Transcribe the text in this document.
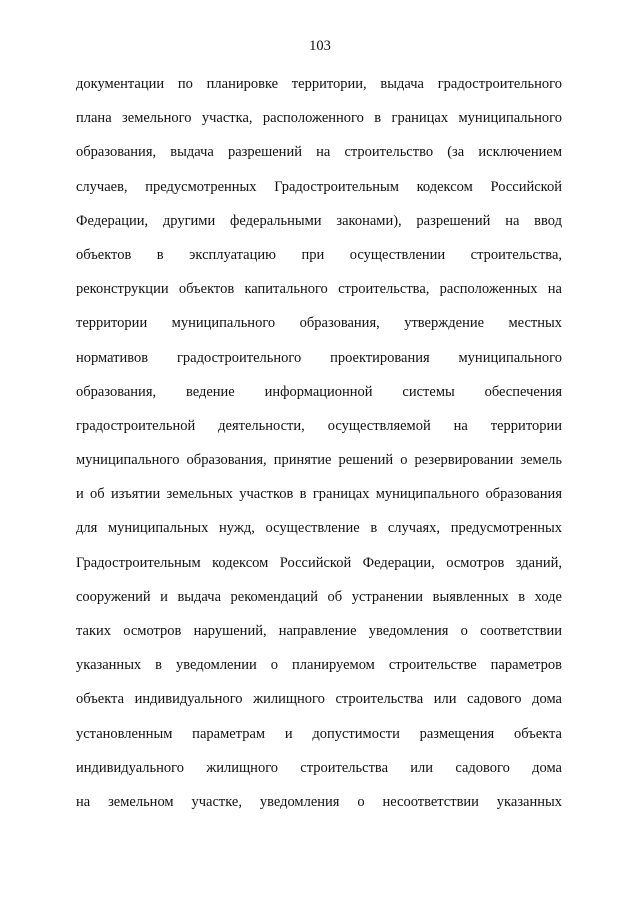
103
документации по планировке территории, выдача градостроительного
плана земельного участка, расположенного в границах муниципального
образования, выдача разрешений на строительство (за исключением
случаев, предусмотренных Градостроительным кодексом Российской
Федерации, другими федеральными законами), разрешений на ввод
объектов в эксплуатацию при осуществлении строительства,
реконструкции объектов капитального строительства, расположенных на
территории муниципального образования, утверждение местных
нормативов градостроительного проектирования муниципального
образования, ведение информационной системы обеспечения
градостроительной деятельности, осуществляемой на территории
муниципального образования, принятие решений о резервировании земель
и об изъятии земельных участков в границах муниципального образования
для муниципальных нужд, осуществление в случаях, предусмотренных
Градостроительным кодексом Российской Федерации, осмотров зданий,
сооружений и выдача рекомендаций об устранении выявленных в ходе
таких осмотров нарушений, направление уведомления о соответствии
указанных в уведомлении о планируемом строительстве параметров
объекта индивидуального жилищного строительства или садового дома
установленным параметрам и допустимости размещения объекта
индивидуального жилищного строительства или садового дома
на земельном участке, уведомления о несоответствии указанных
